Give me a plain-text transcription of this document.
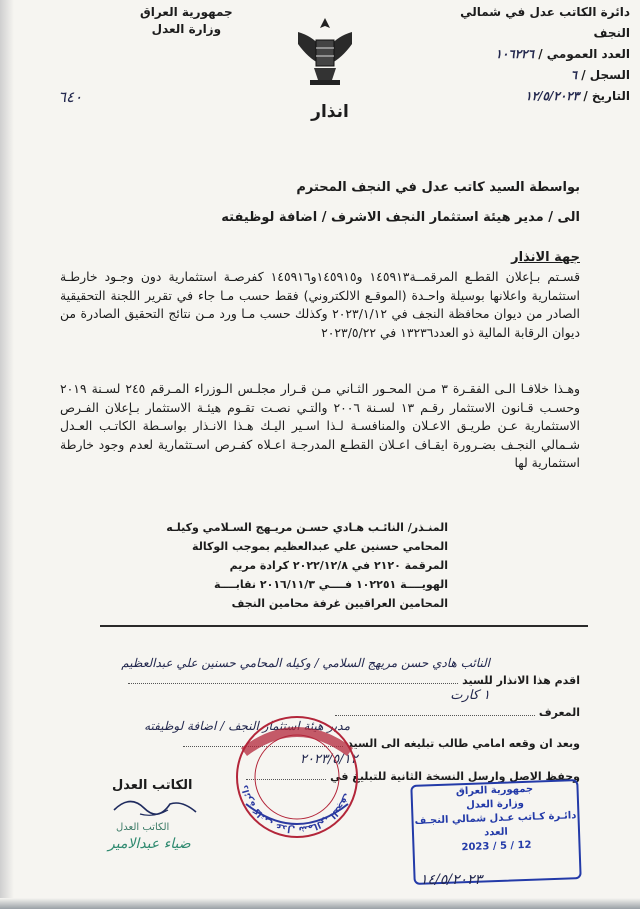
دائرة الكاتب عدل في شمالي النجف
العدد العمومي / ١٠٦٢٢٦
السجل / ٦
التاريخ / ١٢/٥/٢٠٢٣
جمهورية العراق
وزارة العدل
انذار
٦٤٠
بواسطة السيد كاتب عدل في النجف المحترم
الى / مدير هيئة استثمار النجف الاشرف / اضافة لوظيفته
جهة الانذار
قسـتم بـإعلان القطـع المرقمــة١٤٥٩١٣ و١٤٥٩١٥و١٤٥٩١٦ كفرصـة استثمارية دون وجـود خارطـة استثمارية واعلانها بوسيلة واحـدة (الموقـع الالكتروني) فقط حسب مـا جاء في تقرير اللجنة التحقيقية الصادر من ديوان محافظة النجف في ٢٠٢٣/١/١٢ وكذلك حسب مـا ورد مـن نتائج التحقيق الصادرة من ديوان الرقابة المالية ذو العدد١٣٢٣٦ في ٢٠٢٣/٥/٢٢
وهـذا خلافـا الـى الفقـرة ٣ مـن المحـور الثـاني مـن قـرار مجلـس الـوزراء المـرقم ٢٤٥ لسـنة ٢٠١٩ وحسـب قـانون الاستثمار رقـم ١٣ لسـنة ٢٠٠٦ والتـي نصـت تقـوم هيئـة الاستثمار بـإعلان الفـرص الاستثمارية عـن طريـق الاعـلان والمنافسـة لـذا اسـير اليـك هـذا الانـذار بواسـطة الكاتـب العـدل شـمالي النجـف بضـرورة ايقـاف اعـلان القطـع المدرجـة اعـلاه كفـرص اسـتثمارية لعدم وجود خارطة استثمارية لها
المنـذر/ النائـب هـادي حسـن مريـهج السـلامي وكيلـه
المحامي حسنين علي عبدالعظيم بموجب الوكالة
المرقمة ٢١٢٠ في ٢٠٢٢/١٢/٨ كرادة مريم
الهويــــة ١٠٢٢٥١ فــــي ٢٠١٦/١١/٣ نقابــــة
المحامين العراقيين غرفة محامين النجف
اقدم هذا الانذار للسيد
النائب هادي حسن مريهج السلامي / وكيله المحامي حسنين علي عبدالعظيم
المعرف
١ كارت
وبعد ان وقعه امامي طالب تبليغه الى السيد
مدير هيئة استثمار النجف / اضافة لوظيفته
وحفظ الاصل وارسل النسخة الثانية للتبليغ في
٢٠٢٣/٥/١٢
الكاتب العدل
الكاتب العدل
ضياء عبدالامير
دائرة كاتب عدل شمالي النجف	جمهورية العراق
وزارة العدل
دائـرة كـاتب عـدل شمالي النجـف
العدد
2023 / 5 / 12
١٤/٥/٢٠٢٣
